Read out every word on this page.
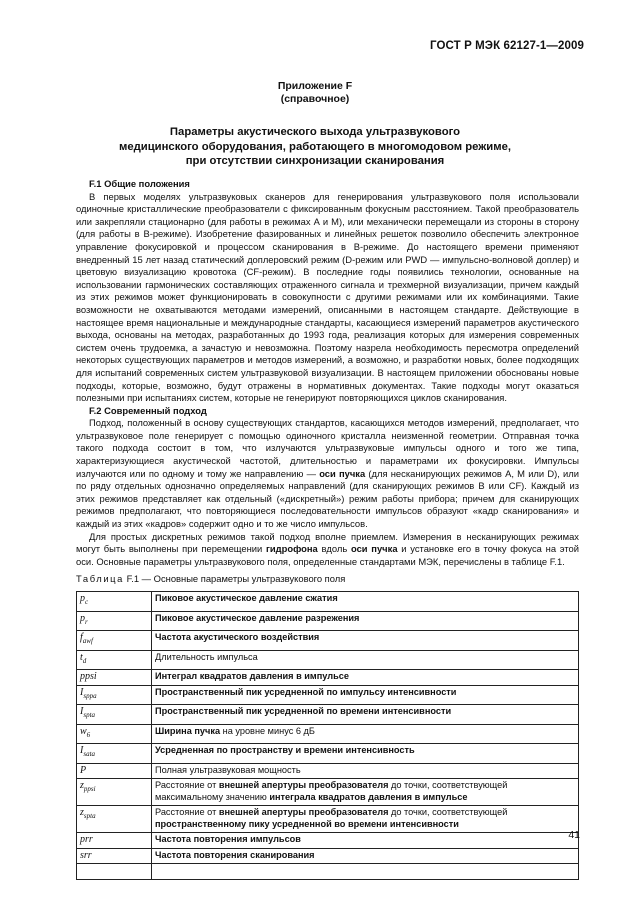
ГОСТ Р МЭК 62127-1—2009
Приложение F
(справочное)
Параметры акустического выхода ультразвукового
медицинского оборудования, работающего в многомодовом режиме,
при отсутствии синхронизации сканирования

F.1 Общие положения

В первых моделях ультразвуковых сканеров для генерирования ультразвукового поля использовали одиночные кристаллические преобразователи с фиксированным фокусным расстоянием. Такой преобразователь или закрепляли стационарно (для работы в режимах А и М), или механически перемещали из стороны в сторону (для работы в В-режиме). Изобретение фазированных и линейных решеток позволило обеспечить электронное управление фокусировкой и процессом сканирования в В-режиме. До настоящего времени применяют внедренный 15 лет назад статический доплеровский режим (D-режим или PWD — импульсно-волновой доплер) и цветовую визуализацию кровотока (CF-режим). В последние годы появились технологии, основанные на использовании гармонических составляющих отраженного сигнала и трехмерной визуализации, причем каждый из этих режимов может функционировать в совокупности с другими режимами или их комбинациями. Такие возможности не охватываются методами измерений, описанными в настоящем стандарте. Действующие в настоящее время национальные и международные стандарты, касающиеся измерений параметров акустического выхода, основаны на методах, разработанных до 1993 года, реализация которых для измерения современных систем очень трудоемка, а зачастую и невозможна. Поэтому назрела необходимость пересмотра определений некоторых существующих параметров и методов измерений, а возможно, и разработки новых, более подходящих для испытаний современных систем ультразвуковой визуализации. В настоящем приложении обоснованы новые подходы, которые, возможно, будут отражены в нормативных документах. Такие подходы могут оказаться полезными при испытаниях систем, которые не генерируют повторяющихся циклов сканирования.

F.2 Современный подход

Подход, положенный в основу существующих стандартов, касающихся методов измерений, предполагает, что ультразвуковое поле генерирует с помощью одиночного кристалла неизменной геометрии. Отправная точка такого подхода состоит в том, что излучаются ультразвуковые импульсы одного и того же типа, характеризующиеся акустической частотой, длительностью и параметрами их фокусировки. Импульсы излучаются или по одному и тому же направлению — оси пучка (для несканирующих режимов А, М или D), или по ряду отдельных однозначно определяемых направлений (для сканирующих режимов В или CF). Каждый из этих режимов представляет как отдельный («дискретный») режим работы прибора; причем для сканирующих режимов предполагают, что повторяющиеся последовательности импульсов образуют «кадр сканирования» и каждый из этих «кадров» содержит одно и то же число импульсов.

Для простых дискретных режимов такой подход вполне приемлем. Измерения в несканирующих режимах могут быть выполнены при перемещении гидрофона вдоль оси пучка и установке его в точку фокуса на этой оси. Основные параметры ультразвукового поля, определенные стандартами МЭК, перечислены в таблице F.1.

Таблица F.1 — Основные параметры ультразвукового поля
$p_c$	Пиковое акустическое давление сжатия
$p_r$	Пиковое акустическое давление разрежения
$f_{awf}$	Частота акустического воздействия
$t_d$	Длительность импульса
ppsi	Интеграл квадратов давления в импульсе
$I_{sppa}$	Пространственный пик усредненной по импульсу интенсивности
$I_{spta}$	Пространственный пик усредненной по времени интенсивности
$w_6$	Ширина пучка на уровне минус 6 дБ
$I_{sata}$	Усредненная по пространству и времени интенсивность
P	Полная ультразвуковая мощность
$z_{ppsi}$	Расстояние от внешней апертуры преобразователя до точки, соответствующей максимальному значению интеграла квадратов давления в импульсе
$z_{spta}$	Расстояние от внешней апертуры преобразователя до точки, соответствующей пространственному пику усредненной во времени интенсивности
prr	Частота повторения импульсов
srr	Частота повторения сканирования

41
